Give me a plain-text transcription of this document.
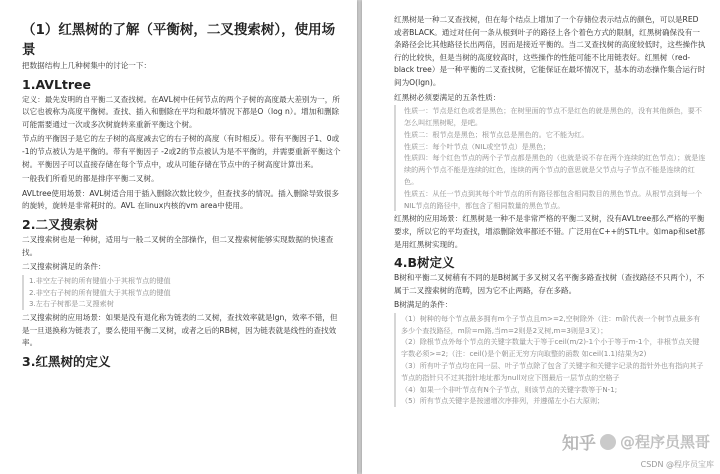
（1）红黑树的了解（平衡树，二叉搜索树），使用场景
把数据结构上几种树集中的讨论一下：
1.AVLtree
定义：最先发明的自平衡二叉查找树。在AVL树中任何节点的两个子树的高度最大差别为一，所以它也被称为高度平衡树。查找、插入和删除在平均和最坏情况下都是O（log n）。增加和删除可能需要通过一次或多次树旋转来重新平衡这个树。
节点的平衡因子是它的左子树的高度减去它的右子树的高度（有时相反）。带有平衡因子1、0或 -1的节点被认为是平衡的。带有平衡因子 -2或2的节点被认为是不平衡的，并需要重新平衡这个树。平衡因子可以直接存储在每个节点中，或从可能存储在节点中的子树高度计算出来。
一般我们所看见的都是排序平衡二叉树。
AVLtree使用场景：AVL树适合用于插入删除次数比较少，但查找多的情况。插入删除导致很多的旋转，旋转是非常耗时的。AVL 在linux内核的vm area中使用。
2.二叉搜索树
二叉搜索树也是一种树，适用与一般二叉树的全部操作，但二叉搜索树能够实现数据的快速查找。
二叉搜索树满足的条件：
1.非空左子树的所有键值小于其根节点的键值
2.非空右子树的所有键值大于其根节点的键值
3.左右子树都是二叉搜索树
二叉搜索树的应用场景：如果是没有退化称为链表的二叉树，查找效率就是lgn，效率不错，但是一旦退换称为链表了，要么使用平衡二叉树，或者之后的RB树，因为链表就是线性的查找效率。
3.红黑树的定义
红黑树是一种二叉查找树，但在每个结点上增加了一个存储位表示结点的颜色，可以是RED或者BLACK。通过对任何一条从根到叶子的路径上各个着色方式的限制，红黑树确保没有一条路径会比其他路径长出两倍，因而是接近平衡的。当二叉查找树的高度较低时，这些操作执行的比较快，但是当树的高度较高时，这些操作的性能可能不比用链表好。红黑树（red-black tree）是一种平衡的二叉查找树，它能保证在最坏情况下，基本的动态操作集合运行时间为O(lgn)。
红黑树必须要满足的五条性质：
性质一：节点是红色或者是黑色；在树里面的节点不是红色的就是黑色的，没有其他颜色，要不怎么叫红黑树呢，是吧。
性质二：根节点是黑色；根节点总是黑色的。它不能为红。
性质三：每个叶节点（NIL或空节点）是黑色；
性质四：每个红色节点的两个子节点都是黑色的（也就是说不存在两个连续的红色节点）；就是连续的两个节点不能是连续的红色，连续的两个节点的意思就是父节点与子节点不能是连续的红色。
性质五：从任一节点到其每个叶节点的所有路径都包含相同数目的黑色节点。从根节点到每一个NIL节点的路径中，都包含了相同数量的黑色节点。
红黑树的应用场景：红黑树是一种不是非常严格的平衡二叉树，没有AVLtree那么严格的平衡要求，所以它的平均查找，增添删除效率都还不错。广泛用在C++的STL中。如map和set都是用红黑树实现的。
4.B树定义
B树和平衡二叉树稍有不同的是B树属于多叉树又名平衡多路查找树（查找路径不只两个），不属于二叉搜索树的范畴，因为它不止两路，存在多路。
B树满足的条件：
（1）树种的每个节点最多拥有m个子节点且m>=2,空树除外（注：m阶代表一个树节点最多有多少个查找路径，m阶=m路,当m=2则是2叉树,m=3则是3叉）；
（2）除根节点外每个节点的关键字数量大于等于ceil(m/2)-1个小于等于m-1个，非根节点关键字数必须>=2;（注：ceil()是个朝正无穷方向取整的函数 如ceil(1.1)结果为2)
（3）所有叶子节点均在同一层、叶子节点除了包含了关键字和关键字记录的指针外也有指向其子节点的指针只不过其指针地址都为null对应下图最后一层节点的空格子
（4）如果一个非叶节点有N个子节点，则该节点的关键字数等于N-1;
（5）所有节点关键字是按递增次序排列，并遵循左小右大原则；
知乎 @程序员黑哥
CSDN @程序员宝库
